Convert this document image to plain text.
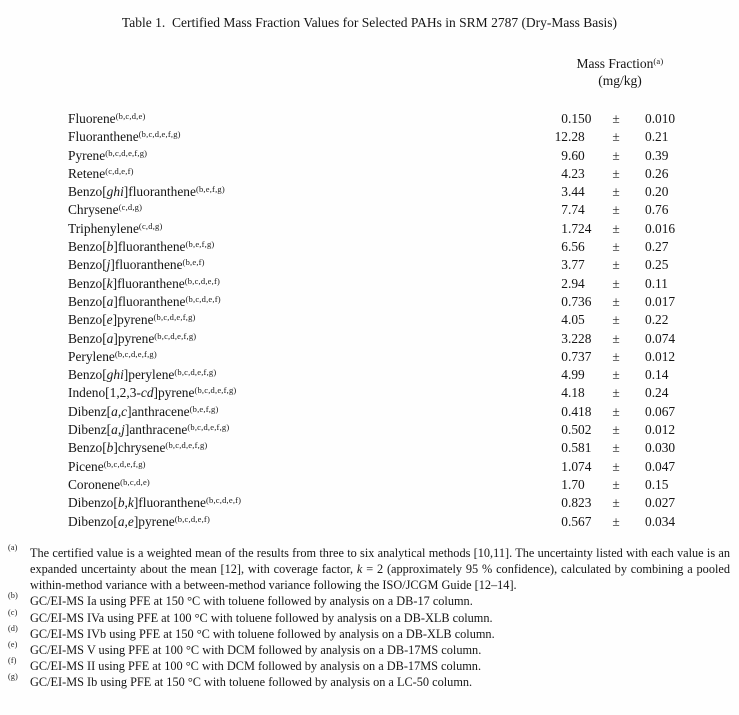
Table 1.  Certified Mass Fraction Values for Selected PAHs in SRM 2787 (Dry-Mass Basis)
Mass Fraction$^{(a)}$
(mg/kg)
Fluorene$^{(b,c,d,e)}$	0 .150	±	0.010
Fluoranthene$^{(b,c,d,e,f,g)}$	12 .28	±	0.21
Pyrene$^{(b,c,d,e,f,g)}$	9 .60	±	0.39
Retene$^{(c,d,e,f)}$	4 .23	±	0.26
Benzo[ghi]fluoranthene$^{(b,e,f,g)}$	3 .44	±	0.20
Chrysene$^{(c,d,g)}$	7 .74	±	0.76
Triphenylene$^{(c,d,g)}$	1 .724	±	0.016
Benzo[b]fluoranthene$^{(b,e,f,g)}$	6 .56	±	0.27
Benzo[j]fluoranthene$^{(b,e,f)}$	3 .77	±	0.25
Benzo[k]fluoranthene$^{(b,c,d,e,f)}$	2 .94	±	0.11
Benzo[a]fluoranthene$^{(b,c,d,e,f)}$	0 .736	±	0.017
Benzo[e]pyrene$^{(b,c,d,e,f,g)}$	4 .05	±	0.22
Benzo[a]pyrene$^{(b,c,d,e,f,g)}$	3 .228	±	0.074
Perylene$^{(b,c,d,e,f,g)}$	0 .737	±	0.012
Benzo[ghi]perylene$^{(b,c,d,e,f,g)}$	4 .99	±	0.14
Indeno[1,2,3-cd]pyrene$^{(b,c,d,e,f,g)}$	4 .18	±	0.24
Dibenz[a,c]anthracene$^{(b,e,f,g)}$	0 .418	±	0.067
Dibenz[a,j]anthracene$^{(b,c,d,e,f,g)}$	0 .502	±	0.012
Benzo[b]chrysene$^{(b,c,d,e,f,g)}$	0 .581	±	0.030
Picene$^{(b,c,d,e,f,g)}$	1 .074	±	0.047
Coronene$^{(b,c,d,e)}$	1 .70	±	0.15
Dibenzo[b,k]fluoranthene$^{(b,c,d,e,f)}$	0 .823	±	0.027
Dibenzo[a,e]pyrene$^{(b,c,d,e,f)}$	0 .567	±	0.034
(a)	The certified value is a weighted mean of the results from three to six analytical methods [10,11]. The uncertainty listed with each value is an expanded uncertainty about the mean [12], with coverage factor, k = 2 (approximately 95 % confidence), calculated by combining a pooled within-method variance with a between-method variance following the ISO/JCGM Guide [12–14].
(b) GC/EI-MS Ia using PFE at 150 °C with toluene followed by analysis on a DB-17 column.
(c)	GC/EI-MS IVa using PFE at 100 °C with toluene followed by analysis on a DB-XLB column.
(d) GC/EI-MS IVb using PFE at 150 °C with toluene followed by analysis on a DB-XLB column.
(e)	GC/EI-MS V using PFE at 100 °C with DCM followed by analysis on a DB-17MS column.
(f)	GC/EI-MS II using PFE at 100 °C with DCM followed by analysis on a DB-17MS column.
(g) GC/EI-MS Ib using PFE at 150 °C with toluene followed by analysis on a LC-50 column.
